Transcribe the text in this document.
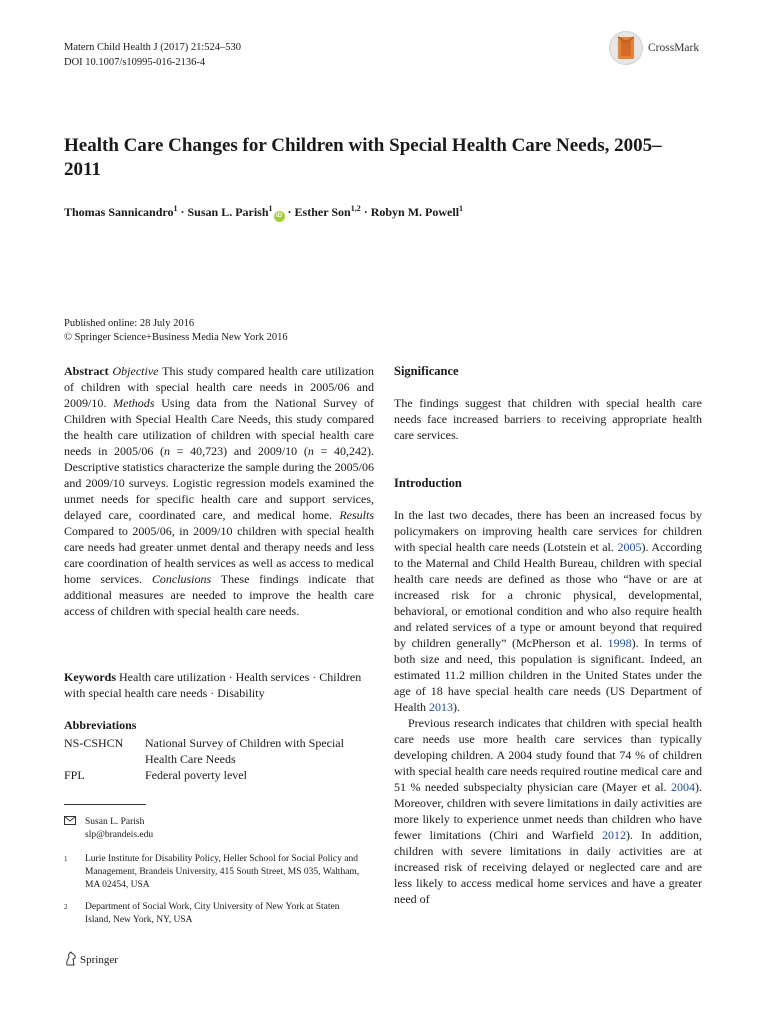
Matern Child Health J (2017) 21:524–530
DOI 10.1007/s10995-016-2136-4
CrossMark
Health Care Changes for Children with Special Health Care Needs, 2005–2011
Thomas Sannicandro$^1$ · Susan L. Parish$^1$iD · Esther Son$^{1,2}$ · Robyn M. Powell$^1$
Published online: 28 July 2016
© Springer Science+Business Media New York 2016
Abstract Objective This study compared health care utilization of children with special health care needs in 2005/06 and 2009/10. Methods Using data from the National Survey of Children with Special Health Care Needs, this study compared the health care utilization of children with special health care needs in 2005/06 (n = 40,723) and 2009/10 (n = 40,242). Descriptive statistics characterize the sample during the 2005/06 and 2009/10 surveys. Logistic regression models examined the unmet needs for specific health care and support services, delayed care, coordinated care, and medical home. Results Compared to 2005/06, in 2009/10 children with special health care needs had greater unmet dental and therapy needs and less care coordination of health services as well as access to medical home services. Conclusions These findings indicate that additional measures are needed to improve the health care access of children with special health care needs.
Keywords Health care utilization · Health services · Children with special health care needs · Disability
Abbreviations
NS-CSHCN	National Survey of Children with Special Health Care Needs
FPL	Federal poverty level
Susan L. Parish
slp@brandeis.edu
1 Lurie Institute for Disability Policy, Heller School for Social Policy and Management, Brandeis University, 415 South Street, MS 035, Waltham, MA 02454, USA
2 Department of Social Work, City University of New York at Staten Island, New York, NY, USA
Springer
Significance
The findings suggest that children with special health care needs face increased barriers to receiving appropriate health care services.
Introduction

In the last two decades, there has been an increased focus by policymakers on improving health care services for children with special health care needs (Lotstein et al. 2005). According to the Maternal and Child Health Bureau, children with special health care needs are defined as those who “have or are at increased risk for a chronic physical, developmental, behavioral, or emotional condition and who also require health and related services of a type or amount beyond that required by children generally” (McPherson et al. 1998). In terms of both size and need, this population is significant. Indeed, an estimated 11.2 million children in the United States under the age of 18 have special health care needs (US Department of Health 2013).

Previous research indicates that children with special health care needs use more health care services than typically developing children. A 2004 study found that 74 % of children with special health care needs required routine medical care and 51 % needed subspecialty physician care (Mayer et al. 2004). Moreover, children with severe limitations in daily activities are more likely to experience unmet needs than children who have fewer limitations (Chiri and Warfield 2012). In addition, children with severe limitations in daily activities are at increased risk of receiving delayed or neglected care and are less likely to access medical home services and have a greater need of
